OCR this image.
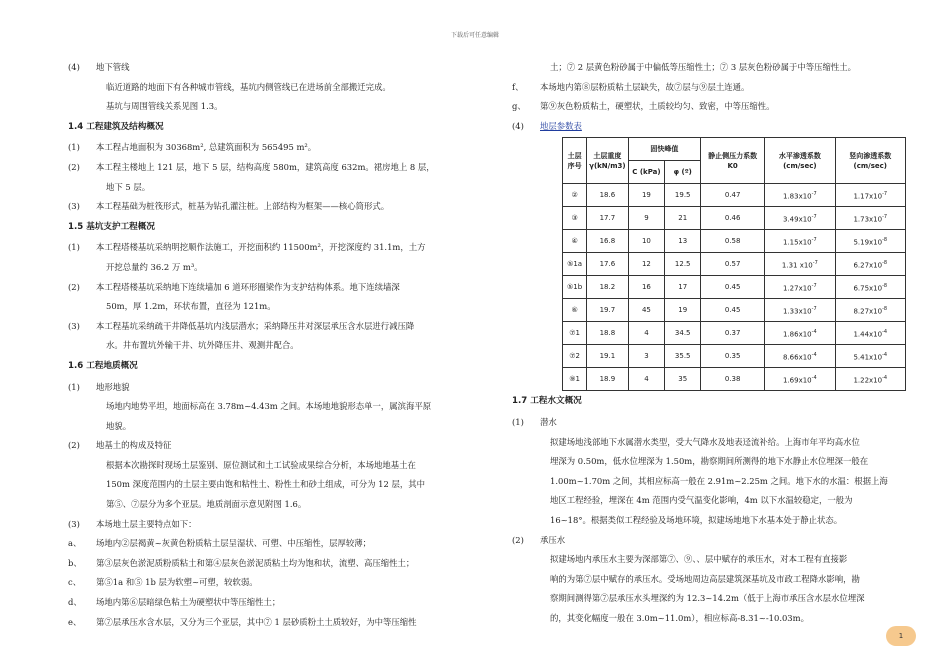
下载后可任意编辑
(4)	地下管线
临近道路的地面下有各种城市管线，基坑内侧管线已在进场前全部搬迁完成。
基坑与周围管线关系见图 1.3。
1.4 工程建筑及结构概况
(1)	本工程占地面积为 30368m², 总建筑面积为 565495 m²。
(2)	本工程主楼地上 121 层，地下 5 层，结构高度 580m，建筑高度 632m。裙房地上 8 层，
地下 5 层。
(3)	本工程基础为桩筏形式，桩基为钻孔灌注桩。上部结构为框架——核心筒形式。
1.5 基坑支护工程概况
(1)	本工程塔楼基坑采纳明挖顺作法施工，开挖面积约 11500m²，开挖深度约 31.1m，土方
开挖总量约 36.2 万 m³。
(2)	本工程塔楼基坑采纳地下连续墙加 6 道环形圈梁作为支护结构体系。地下连续墙深
50m，厚 1.2m，环状布置，直径为 121m。
(3)	本工程基坑采纳疏干井降低基坑内浅层潜水；采纳降压井对深层承压含水层进行减压降
水。井布置坑外输干井、坑外降压井、观测井配合。
1.6 工程地质概况
(1)	地形地貌
场地内地势平坦，地面标高在 3.78m~4.43m 之间。本场地地貌形态单一，属滨海平原
地貌。
(2)	地基土的构成及特征
根据本次勘探时现场土层鉴别、原位测试和土工试验成果综合分析，本场地地基土在
150m 深度范围内的土层主要由饱和粘性土、粉性土和砂土组成，可分为 12 层，其中
第⑤、⑦层分为多个亚层。地质剖面示意见附图 1.6。
(3)	本场地土层主要特点如下：
a、	场地内②层褐黄~灰黄色粉质粘土层呈湿状、可塑、中压缩性，层厚较薄；
b、	第③层灰色淤泥质粉质粘土和第④层灰色淤泥质粘土均为饱和状，流塑、高压缩性土；
c、	第⑤1a 和⑤ 1b 层为软塑~可塑，较软弱。
d、	场地内第⑥层暗绿色粘土为硬塑状中等压缩性土；
e、	第⑦层承压水含水层，又分为三个亚层，其中⑦ 1 层砂质粉土土质较好，为中等压缩性
土；⑦ 2 层黄色粉砂属于中偏低等压缩性土；⑦ 3 层灰色粉砂属于中等压缩性土。
f、	本场地内第⑧层粉质粘土层缺失，故⑦层与⑨层土连通。
g、	第⑨灰色粉质粘土，硬塑状，土质较均匀、致密，中等压缩性。
(4)	地层参数表
土层序号	土层重度γ(kN/m3)	固快峰值		静止侧压力系数K0	水平渗透系数(cm/sec)	竖向渗透系数(cm/sec)
		C (kPa)	φ (º)			
②	18.6	19	19.5	0.47	$1.83x10^{-7}$	$1.17x10^{-7}$
③	17.7	9	21	0.46	$3.49x10^{-7}$	$1.73x10^{-7}$
④	16.8	10	13	0.58	$1.15x10^{-7}$	$5.19x10^{-8}$
⑤1a	17.6	12	12.5	0.57	1.31 $x10^{-7}$	$6.27x10^{-8}$
⑤1b	18.2	16	17	0.45	$1.27x10^{-7}$	$6.75x10^{-8}$
⑥	19.7	45	19	0.45	$1.33x10^{-7}$	$8.27x10^{-8}$
⑦1	18.8	4	34.5	0.37	$1.86x10^{-4}$	$1.44x10^{-4}$
⑦2	19.1	3	35.5	0.35	$8.66x10^{-4}$	$5.41x10^{-4}$
⑨1	18.9	4	35	0.38	$1.69x10^{-4}$	$1.22x10^{-4}$
1.7 工程水文概况
(1)	潜水
拟建场地浅部地下水属潜水类型，受大气降水及地表迳流补给。上海市年平均高水位
埋深为 0.50m，低水位埋深为 1.50m，勘察期间所测得的地下水静止水位埋深一般在
1.00m~1.70m 之间，其相应标高一般在 2.91m~2.25m 之间。地下水的水温：根据上海
地区工程经验，埋深在 4m 范围内受气温变化影响，4m 以下水温较稳定，一般为
16~18°。根据类似工程经验及场地环境，拟建场地地下水基本处于静止状态。
(2)	承压水
拟建场地内承压水主要为深部第⑦、⑨、、层中赋存的承压水，对本工程有直接影
响的为第⑦层中赋存的承压水。受场地周边高层建筑深基坑及市政工程降水影响，勘
察期间测得第⑦层承压水头埋深约为 12.3~14.2m（低于上海市承压含水层水位埋深
的，其变化幅度一般在 3.0m~11.0m），相应标高-8.31~-10.03m。
1
